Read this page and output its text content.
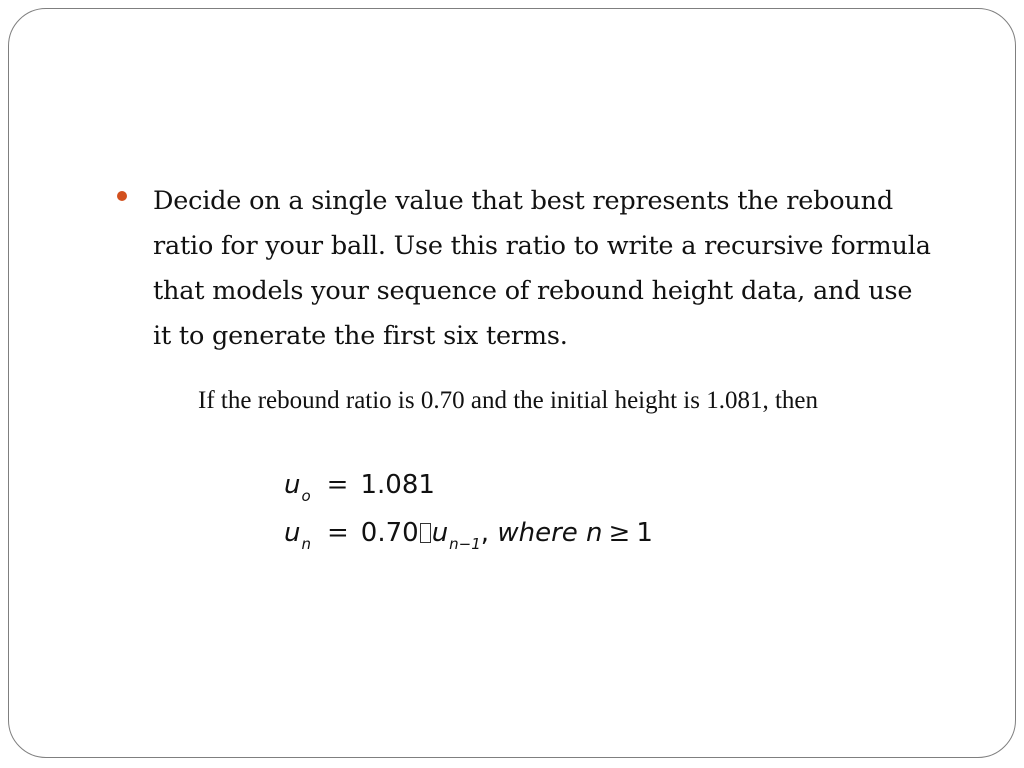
Decide on a single value that best represents the rebound ratio for your ball. Use this ratio to write a recursive formula that models your sequence of rebound height data, and use it to generate the first six terms.
If the rebound ratio is 0.70 and the initial height is 1.081, then
$u_o = 1.081$
$u_n = 0.70$ $u_{n-1}$, where n ≥ 1
